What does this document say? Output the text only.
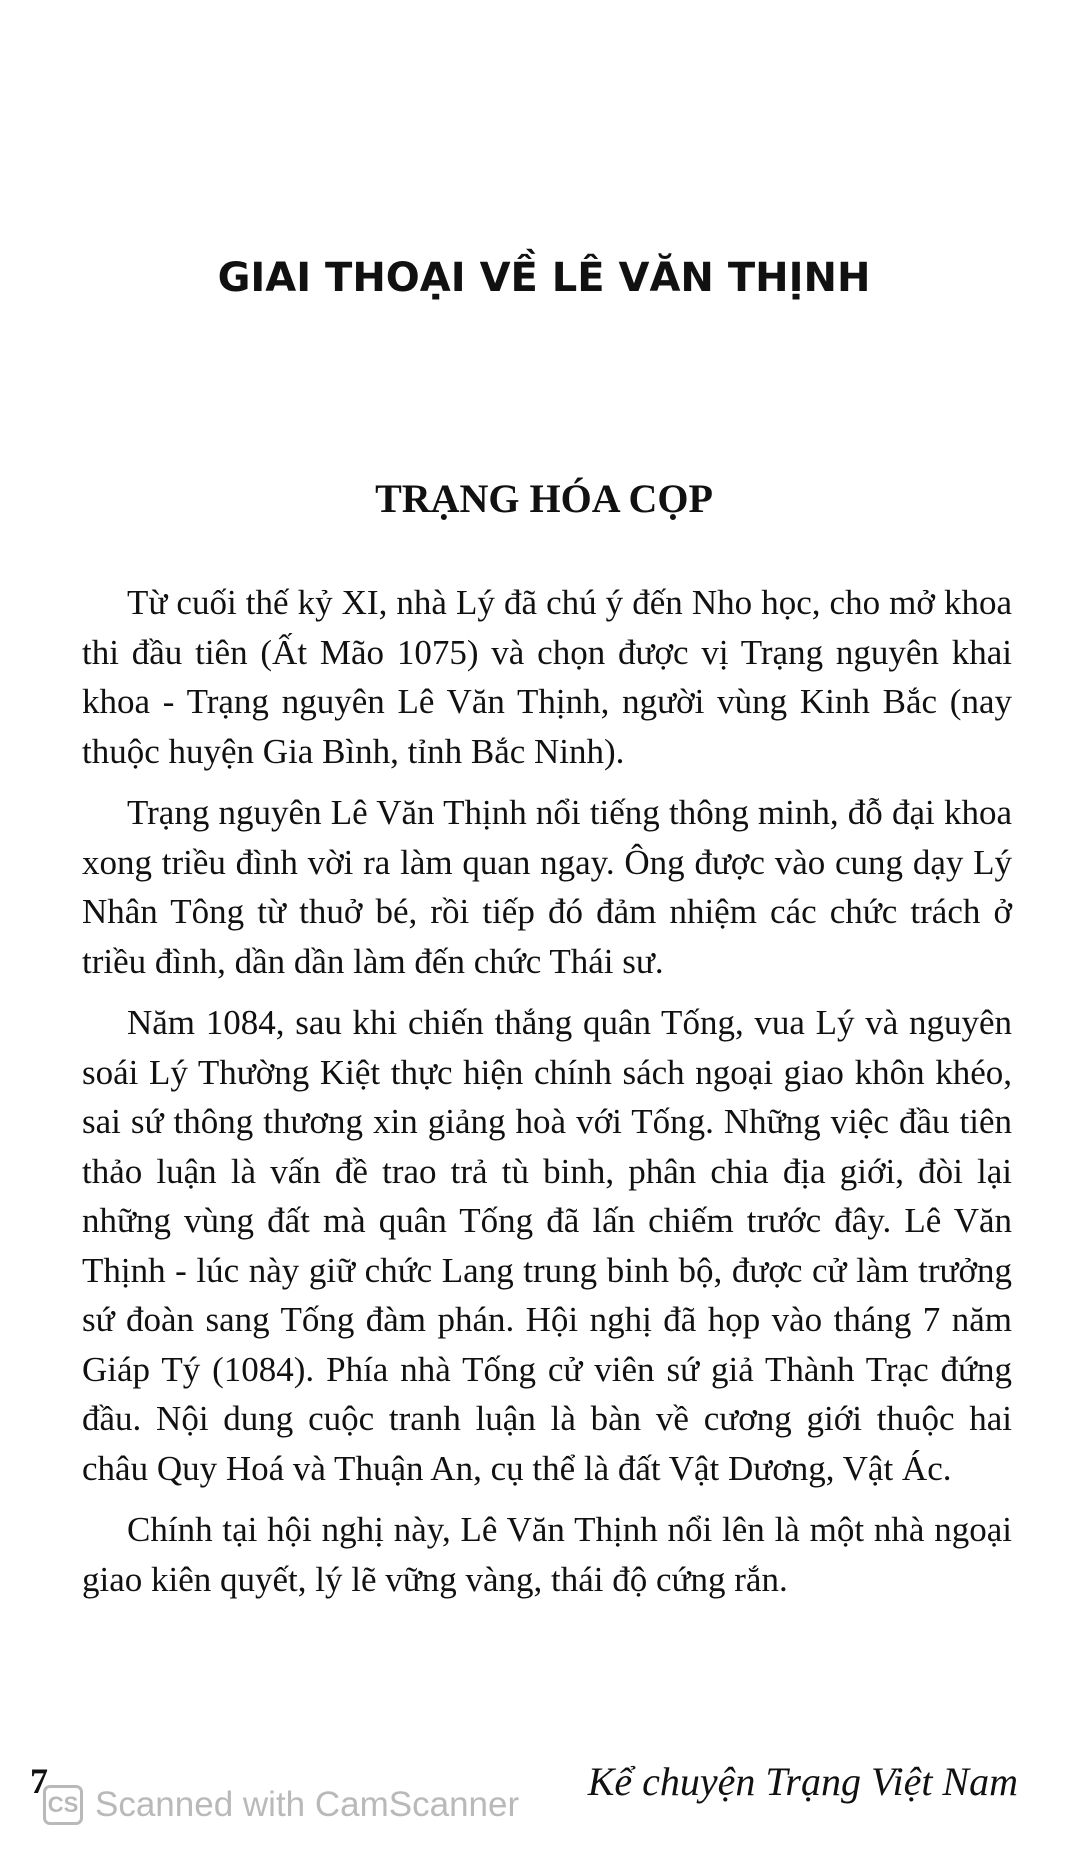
GIAI THOẠI VỀ LÊ VĂN THỊNH
TRẠNG HÓA CỌP

Từ cuối thế kỷ XI, nhà Lý đã chú ý đến Nho học, cho mở khoa thi đầu tiên (Ất Mão 1075) và chọn được vị Trạng nguyên khai khoa - Trạng nguyên Lê Văn Thịnh, người vùng Kinh Bắc (nay thuộc huyện Gia Bình, tỉnh Bắc Ninh).

Trạng nguyên Lê Văn Thịnh nổi tiếng thông minh, đỗ đại khoa xong triều đình vời ra làm quan ngay. Ông được vào cung dạy Lý Nhân Tông từ thuở bé, rồi tiếp đó đảm nhiệm các chức trách ở triều đình, dần dần làm đến chức Thái sư.

Năm 1084, sau khi chiến thắng quân Tống, vua Lý và nguyên soái Lý Thường Kiệt thực hiện chính sách ngoại giao khôn khéo, sai sứ thông thương xin giảng hoà với Tống. Những việc đầu tiên thảo luận là vấn đề trao trả tù binh, phân chia địa giới, đòi lại những vùng đất mà quân Tống đã lấn chiếm trước đây. Lê Văn Thịnh - lúc này giữ chức Lang trung binh bộ, được cử làm trưởng sứ đoàn sang Tống đàm phán. Hội nghị đã họp vào tháng 7 năm Giáp Tý (1084). Phía nhà Tống cử viên sứ giả Thành Trạc đứng đầu. Nội dung cuộc tranh luận là bàn về cương giới thuộc hai châu Quy Hoá và Thuận An, cụ thể là đất Vật Dương, Vật Ác.

Chính tại hội nghị này, Lê Văn Thịnh nổi lên là một nhà ngoại giao kiên quyết, lý lẽ vững vàng, thái độ cứng rắn.

7	Kể chuyện Trạng Việt Nam
CS Scanned with CamScanner
